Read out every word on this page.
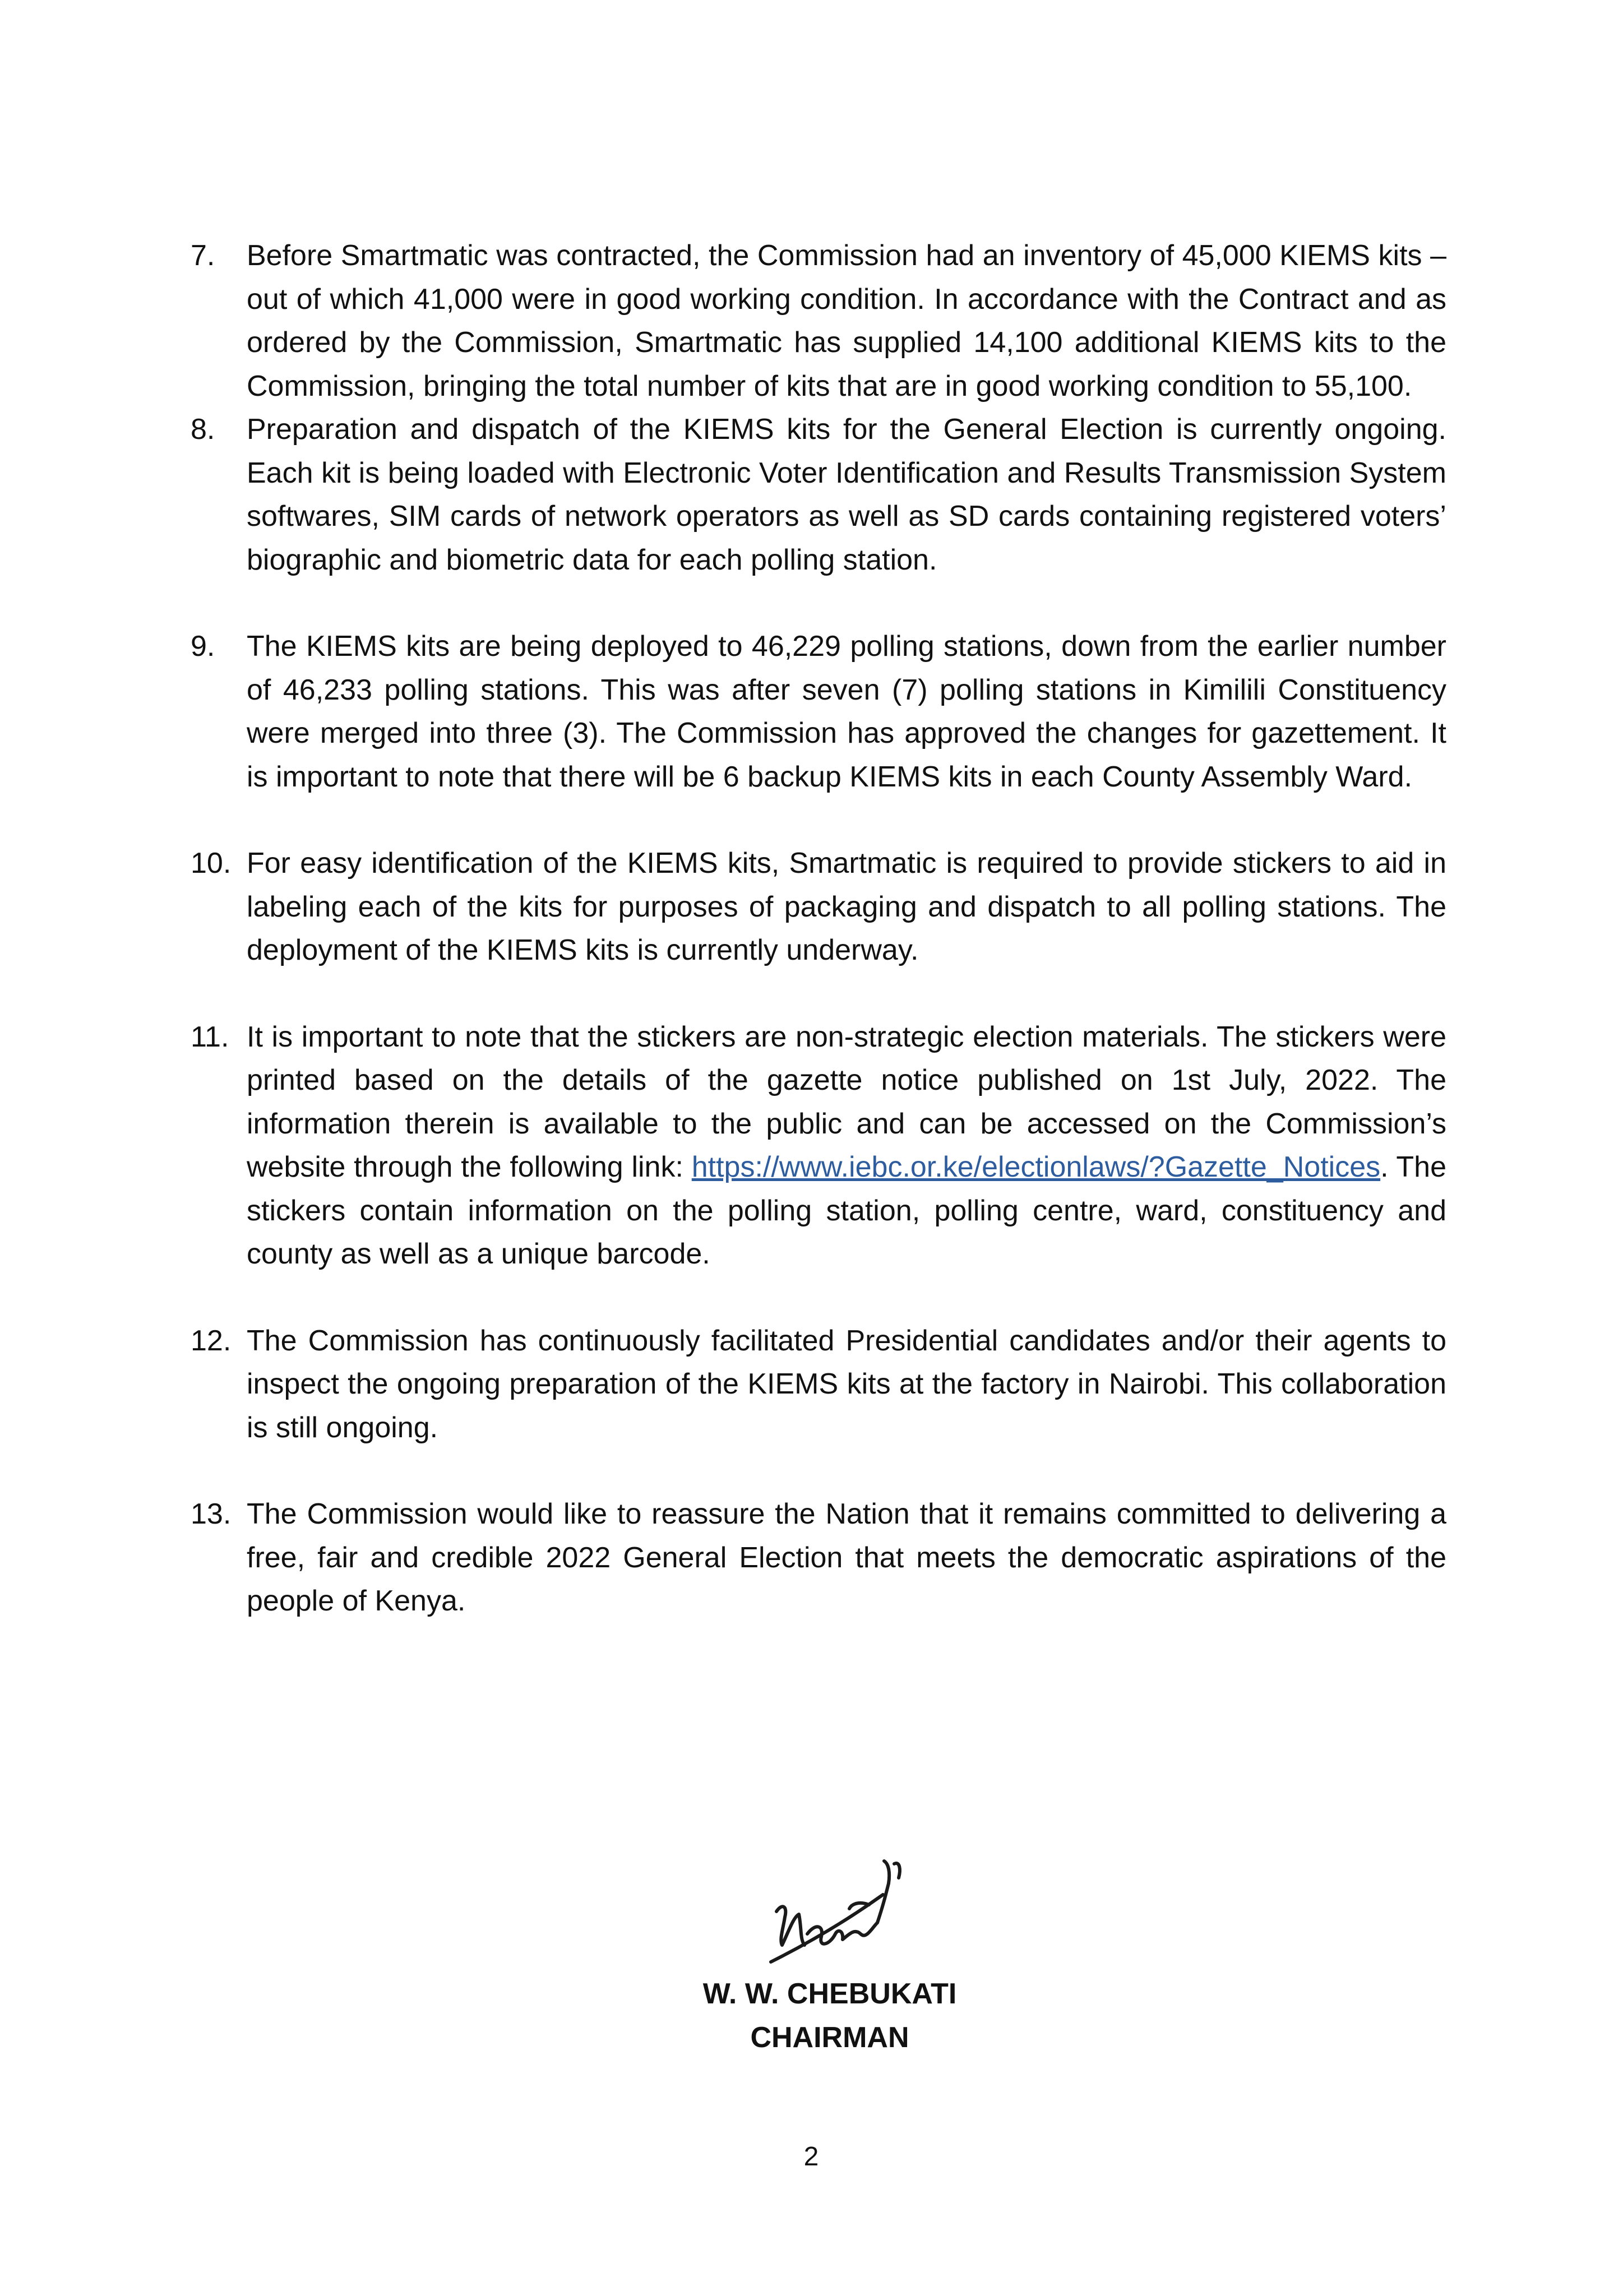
7. Before Smartmatic was contracted, the Commission had an inventory of 45,000 KIEMS kits – out of which 41,000 were in good working condition. In accordance with the Contract and as ordered by the Commission, Smartmatic has supplied 14,100 additional KIEMS kits to the Commission, bringing the total number of kits that are in good working condition to 55,100.
8. Preparation and dispatch of the KIEMS kits for the General Election is currently ongoing. Each kit is being loaded with Electronic Voter Identification and Results Transmission System softwares, SIM cards of network operators as well as SD cards containing registered voters’ biographic and biometric data for each polling station.
9. The KIEMS kits are being deployed to 46,229 polling stations, down from the earlier number of 46,233 polling stations. This was after seven (7) polling stations in Kimilili Constituency were merged into three (3). The Commission has approved the changes for gazettement. It is important to note that there will be 6 backup KIEMS kits in each County Assembly Ward.
10. For easy identification of the KIEMS kits, Smartmatic is required to provide stickers to aid in labeling each of the kits for purposes of packaging and dispatch to all polling stations. The deployment of the KIEMS kits is currently underway.
11. It is important to note that the stickers are non-strategic election materials. The stickers were printed based on the details of the gazette notice published on 1st July, 2022. The information therein is available to the public and can be accessed on the Commission’s website through the following link: https://www.iebc.or.ke/electionlaws/?Gazette_Notices. The stickers contain information on the polling station, polling centre, ward, constituency and county as well as a unique barcode.
12. The Commission has continuously facilitated Presidential candidates and/or their agents to inspect the ongoing preparation of the KIEMS kits at the factory in Nairobi. This collaboration is still ongoing.
13. The Commission would like to reassure the Nation that it remains committed to delivering a free, fair and credible 2022 General Election that meets the democratic aspirations of the people of Kenya.
W. W. CHEBUKATI
CHAIRMAN
2
